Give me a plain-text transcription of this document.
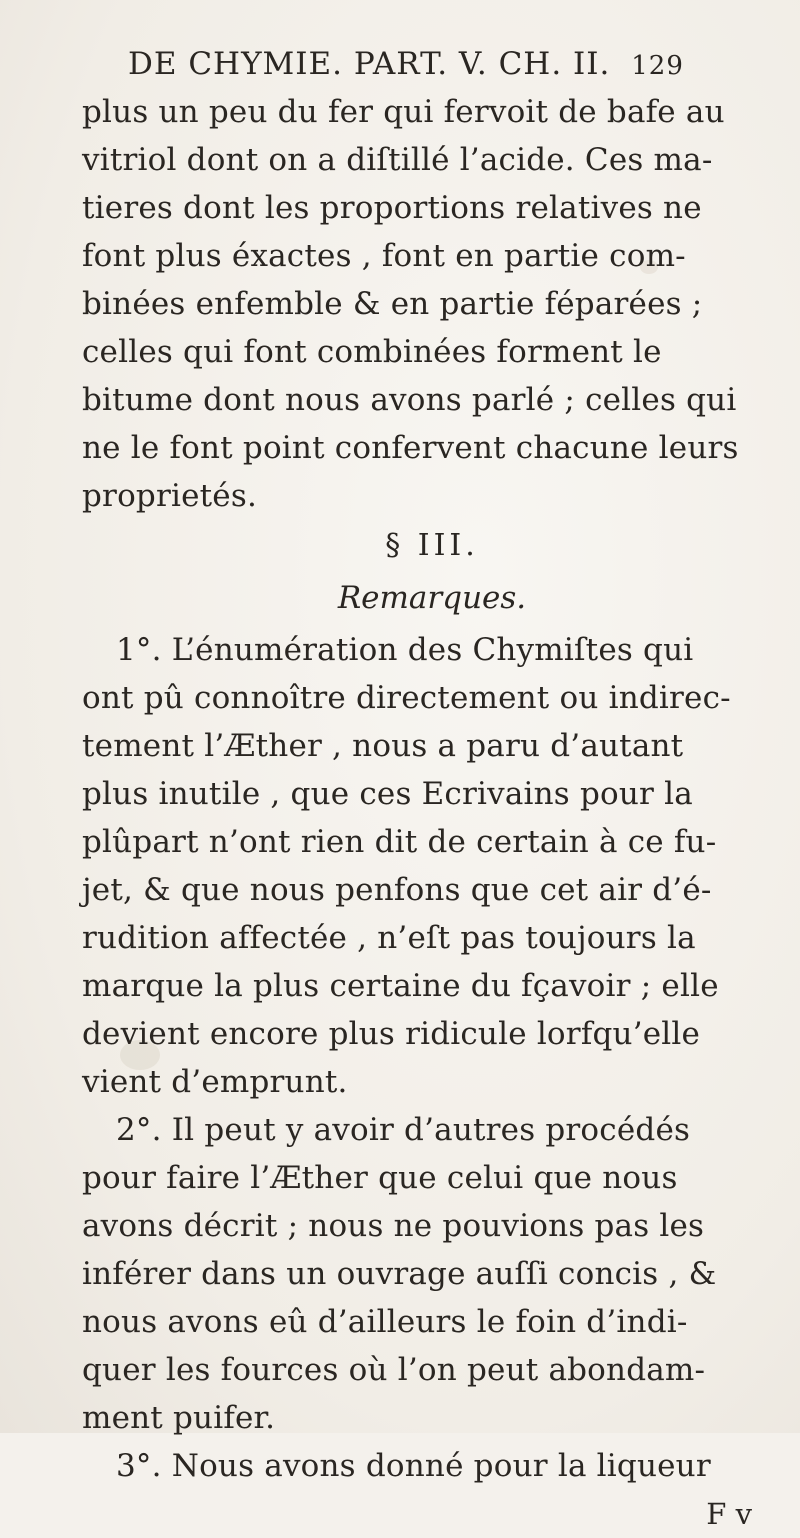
DE CHYMIE. PART. V. CH. II. 129
plus un peu du fer qui fervoit de bafe au
vitriol dont on a diſtillé l’acide. Ces ma-
tieres dont les proportions relatives ne
font plus éxactes , font en partie com-
binées enfemble & en partie féparées ;
celles qui font combinées forment le
bitume dont nous avons parlé ; celles qui
ne le font point confervent chacune leurs
proprietés.
§ III.
Remarques.
1°. L’énumération des Chymiſtes qui
ont pû connoître directement ou indirec-
tement l’Æther , nous a paru d’autant
plus inutile , que ces Ecrivains pour la
plûpart n’ont rien dit de certain à ce fu-
jet, & que nous penfons que cet air d’é-
rudition affectée , n’eſt pas toujours la
marque la plus certaine du fçavoir ; elle
devient encore plus ridicule lorfqu’elle
vient d’emprunt.
2°. Il peut y avoir d’autres procédés
pour faire l’Æther que celui que nous
avons décrit ; nous ne pouvions pas les
inférer dans un ouvrage auſſi concis , &
nous avons eû d’ailleurs le foin d’indi-
quer les fources où l’on peut abondam-
ment puifer.
3°. Nous avons donné pour la liqueur
F v
